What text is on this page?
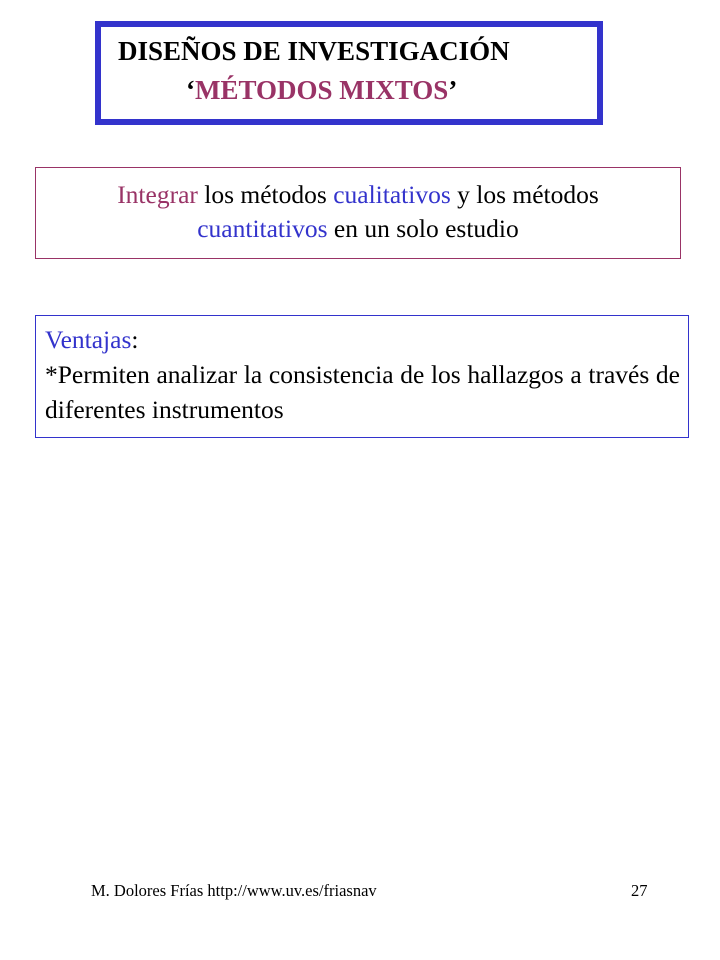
DISEÑOS DE INVESTIGACIÓN
‘MÉTODOS MIXTOS’
Integrar los métodos cualitativos y los métodos
cuantitativos en un solo estudio
Ventajas:
*Permiten analizar la consistencia de los hallazgos a través de diferentes instrumentos
M. Dolores Frías http://www.uv.es/friasnav	27
